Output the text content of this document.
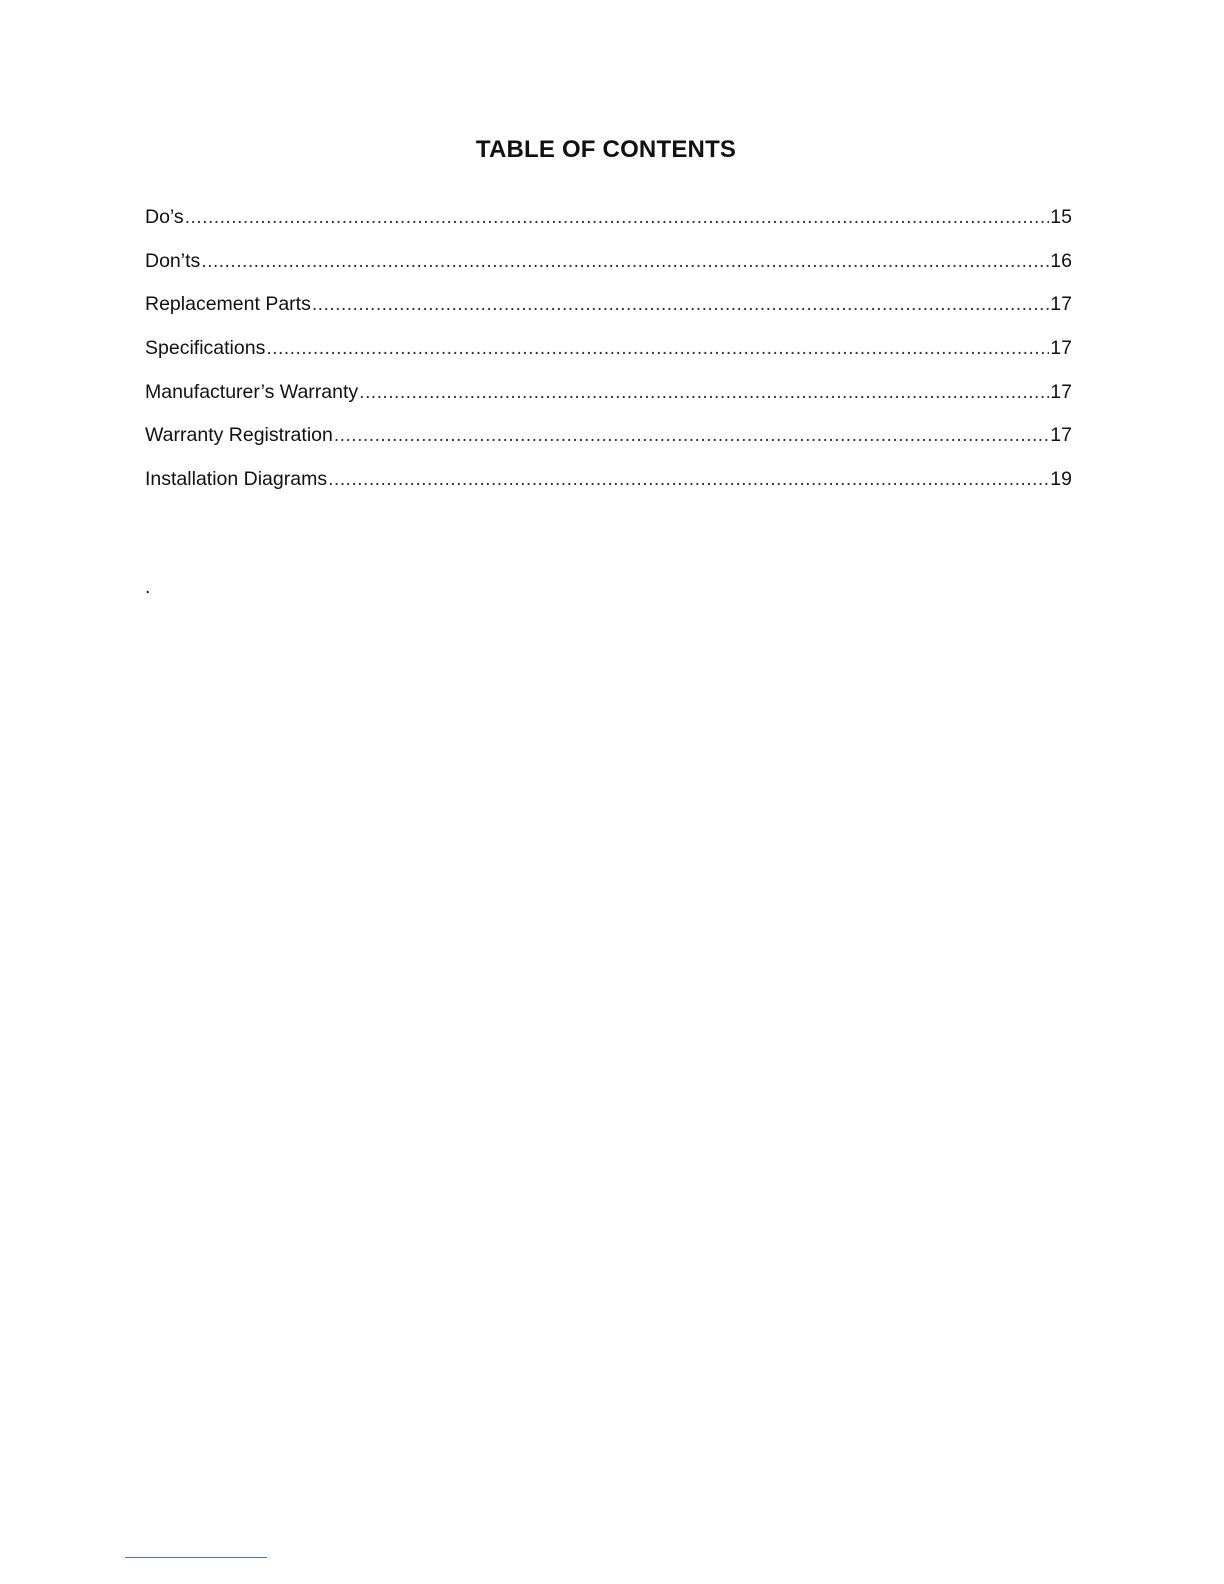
TABLE OF CONTENTS
Do’s .....	15
Don’ts .....	16
Replacement Parts .....	17
Specifications .....	17
Manufacturer’s Warranty .....	17
Warranty Registration .....	17
Installation Diagrams .....	19
.
